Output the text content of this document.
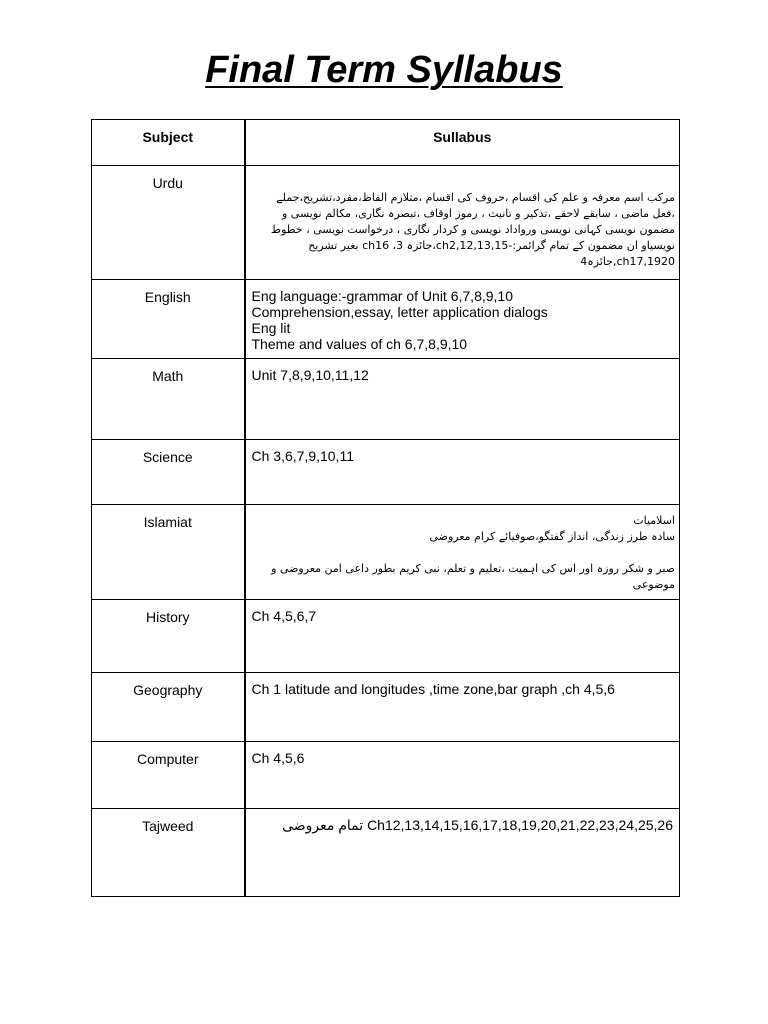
Final Term Syllabus
Subject	Sullabus

Urdu	مرکب اسم معرفہ و علم کی اقسام ،حروف کی اقسام ،متلازم الفاظ،مفرد،تشریح،جملے ،فعل ماضی ، سابقے لاحقے ،تذکیر و تانیث ، رموز اوقاف ،تبصرہ نگاری، مکالم نویسی و مضمون نویسی کہانی نویسی ورواداد نویسی و کردار نگاری ، درخواست نویسی ، خطوط نویسیاو ان مضمون کے تمام گرائمر:-ch2,12,13,15،جائزہ 3، ch16 بغیر تشریح ch17,1920,جائزہ4

English	Eng language:-grammar of Unit 6,7,8,9,10
Comprehension,essay, letter application dialogs
Eng lit
Theme and values of ch 6,7,8,9,10

Math	Unit 7,8,9,10,11,12

Science	Ch 3,6,7,9,10,11

Islamiat	اسلامیات
سادہ طرز زندگی، انداز گفتگو،صوفیائے کرام معروضی
صبر و شکر روزہ اور اس کی اہمیت ،تعلیم و تعلم، نبی کریم بطور داعی امن معروضی و موضوعی

History	Ch 4,5,6,7

Geography	Ch 1 latitude and longitudes ,time zone,bar graph ,ch 4,5,6

Computer	Ch 4,5,6

Tajweed	Ch12,13,14,15,16,17,18,19,20,21,22,23,24,25,26 تمام معروضی
